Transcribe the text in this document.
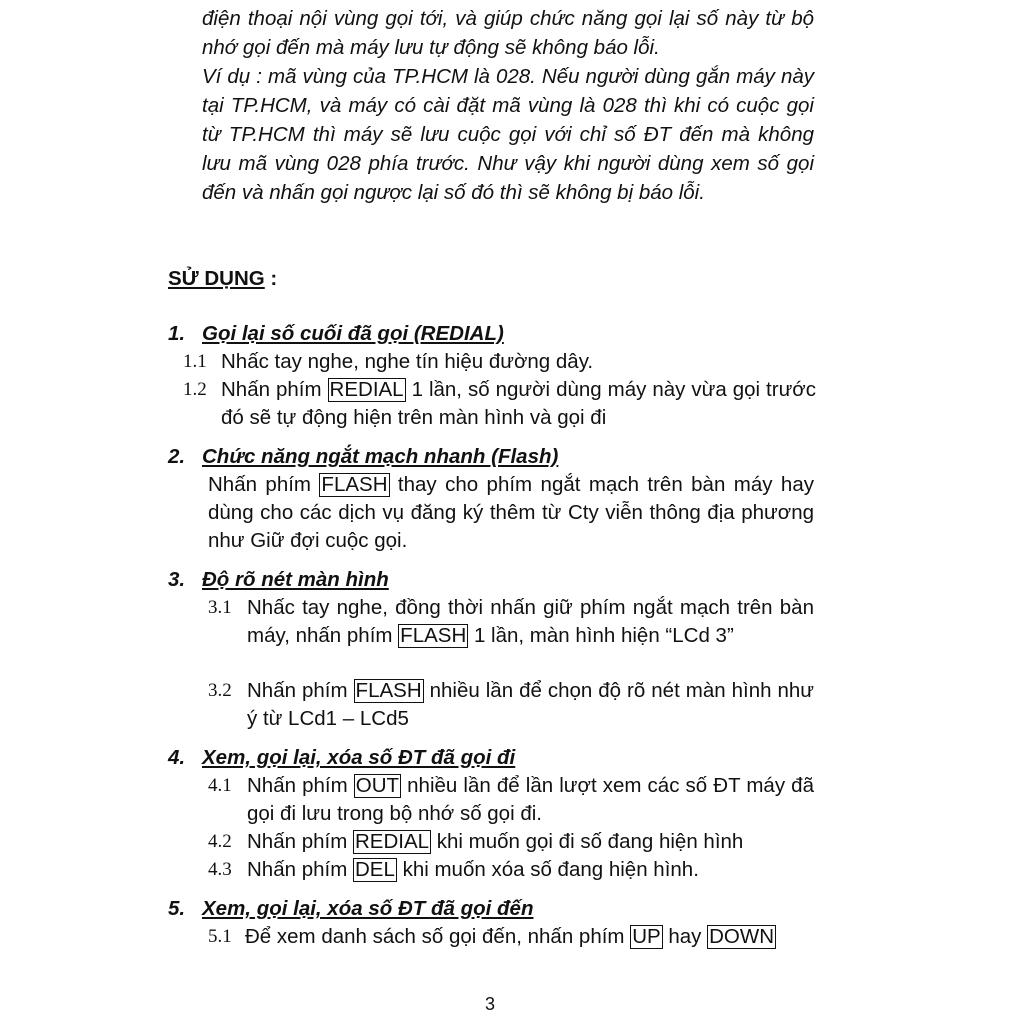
điện thoại nội vùng gọi tới, và giúp chức năng gọi lại số này từ bộ nhớ gọi đến mà máy lưu tự động sẽ không báo lỗi.

Ví dụ : mã vùng của TP.HCM là 028. Nếu người dùng gắn máy này tại TP.HCM, và máy có cài đặt mã vùng là 028 thì khi có cuộc gọi từ TP.HCM thì máy sẽ lưu cuộc gọi với chỉ số ĐT đến mà không lưu mã vùng 028 phía trước. Như vậy khi người dùng xem số gọi đến và nhấn gọi ngược lại số đó thì sẽ không bị báo lỗi.

SỬ DỤNG :
1. Gọi lại số cuối đã gọi (REDIAL)
1.1 Nhấc tay nghe, nghe tín hiệu đường dây.
1.2 Nhấn phím REDIAL 1 lần, số người dùng máy này vừa gọi trước đó sẽ tự động hiện trên màn hình và gọi đi
2. Chức năng ngắt mạch nhanh (Flash)
Nhấn phím FLASH thay cho phím ngắt mạch trên bàn máy hay dùng cho các dịch vụ đăng ký thêm từ Cty viễn thông địa phương như Giữ đợi cuộc gọi.
3. Độ rõ nét màn hình
3.1 Nhấc tay nghe, đồng thời nhấn giữ phím ngắt mạch trên bàn máy, nhấn phím FLASH 1 lần, màn hình hiện “LCd 3”
3.2 Nhấn phím FLASH nhiều lần để chọn độ rõ nét màn hình như ý từ LCd1 – LCd5
4. Xem, gọi lại, xóa số ĐT đã gọi đi
4.1 Nhấn phím OUT nhiều lần để lần lượt xem các số ĐT máy đã gọi đi lưu trong bộ nhớ số gọi đi.
4.2 Nhấn phím REDIAL khi muốn gọi đi số đang hiện hình
4.3 Nhấn phím DEL khi muốn xóa số đang hiện hình.
5. Xem, gọi lại, xóa số ĐT đã gọi đến
5.1 Để xem danh sách số gọi đến, nhấn phím UP hay DOWN
3
